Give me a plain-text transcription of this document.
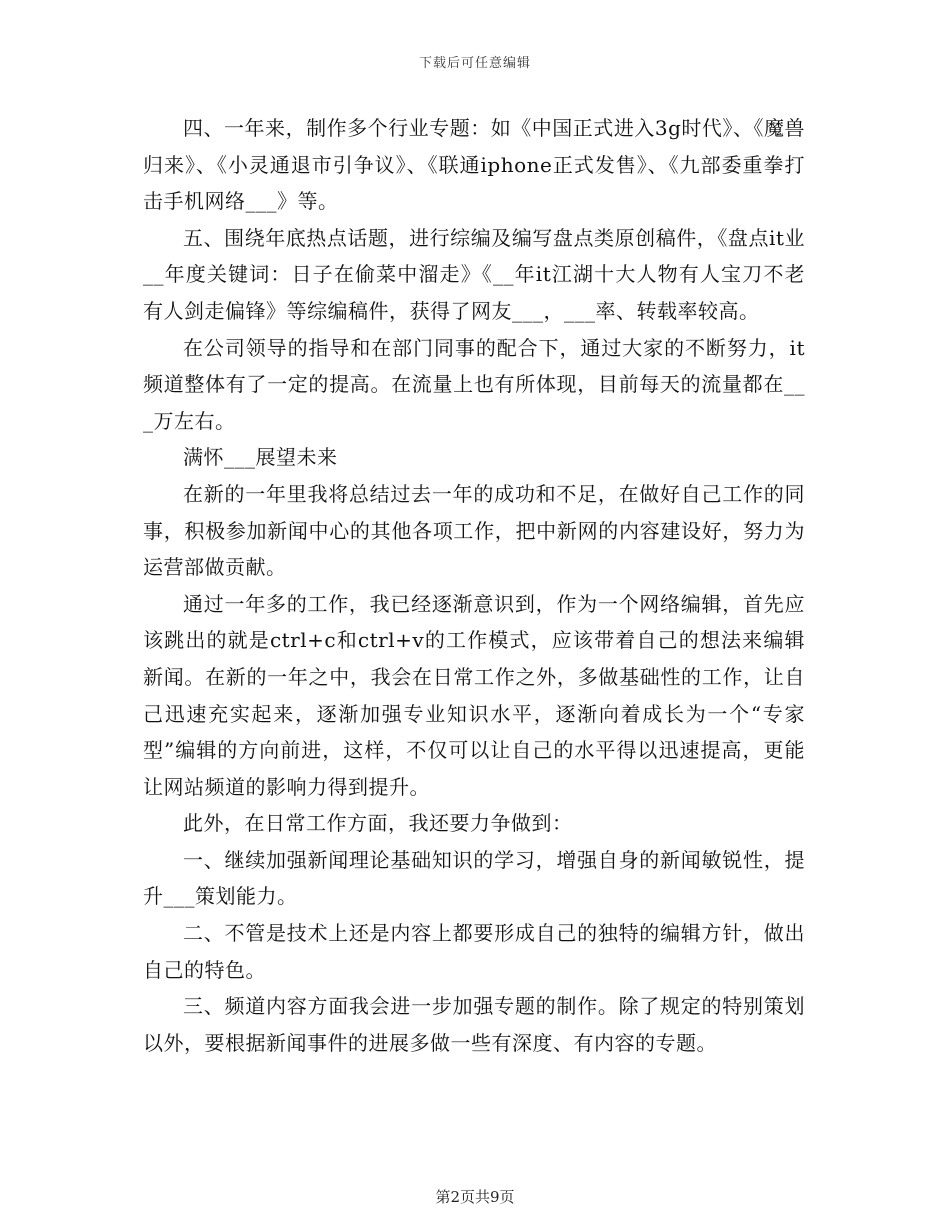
下载后可任意编辑

四、一年来，制作多个行业专题：如《中国正式进入3g时代》、《魔兽归来》、《小灵通退市引争议》、《联通iphone正式发售》、《九部委重拳打击手机网络___》等。

五、围绕年底热点话题，进行综编及编写盘点类原创稿件，《盘点it业__年度关键词：日子在偷菜中溜走》《__年it江湖十大人物有人宝刀不老有人剑走偏锋》等综编稿件，获得了网友___，___率、转载率较高。

在公司领导的指导和在部门同事的配合下，通过大家的不断努力，it频道整体有了一定的提高。在流量上也有所体现，目前每天的流量都在___万左右。

满怀___展望未来

在新的一年里我将总结过去一年的成功和不足，在做好自己工作的同事，积极参加新闻中心的其他各项工作，把中新网的内容建设好，努力为运营部做贡献。

通过一年多的工作，我已经逐渐意识到，作为一个网络编辑，首先应该跳出的就是ctrl+c和ctrl+v的工作模式，应该带着自己的想法来编辑新闻。在新的一年之中，我会在日常工作之外，多做基础性的工作，让自己迅速充实起来，逐渐加强专业知识水平，逐渐向着成长为一个“专家型”编辑的方向前进，这样，不仅可以让自己的水平得以迅速提高，更能让网站频道的影响力得到提升。

此外，在日常工作方面，我还要力争做到：

一、继续加强新闻理论基础知识的学习，增强自身的新闻敏锐性，提升___策划能力。

二、不管是技术上还是内容上都要形成自己的独特的编辑方针，做出自己的特色。

三、频道内容方面我会进一步加强专题的制作。除了规定的特别策划以外，要根据新闻事件的进展多做一些有深度、有内容的专题。

第2页共9页
